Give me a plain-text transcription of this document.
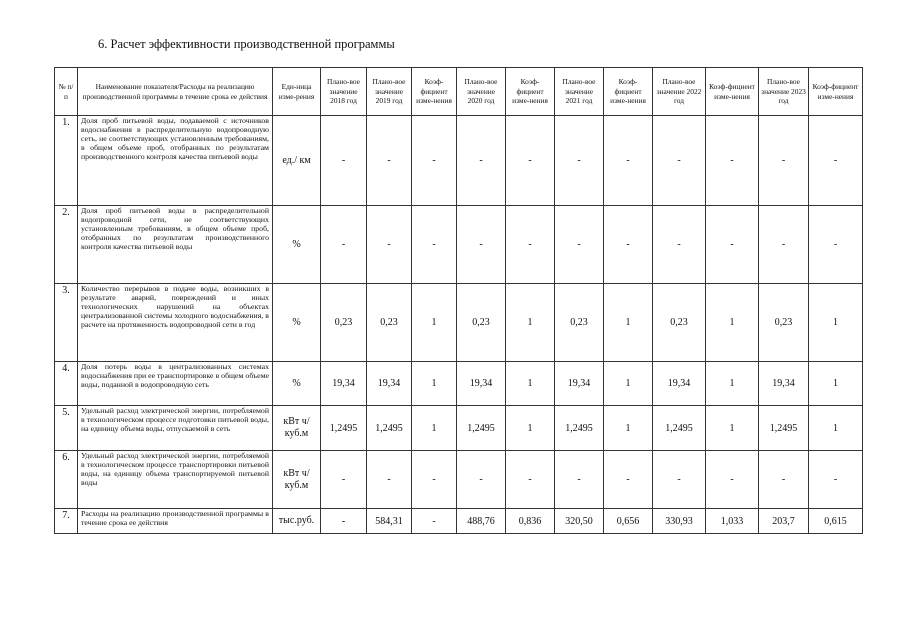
6. Расчет эффективности производственной программы
№ п/п	Наименование показателя/Расходы на реализацию производственной программы в течение срока ее действия	Еди-ница изме-рения	Плано-вое значение 2018 год	Плано-вое значение 2019 год	Коэф-фициент изме-нения	Плано-вое значение 2020 год	Коэф-фициент изме-нения	Плано-вое значение 2021 год	Коэф-фициент изме-нения	Плано-вое значение 2022 год	Коэф-фициент изме-нения	Плано-вое значение 2023 год	Коэф-фициент изме-нения
1.	Доля проб питьевой воды, подаваемой с источников водоснабжения в распределительную водопроводную сеть, не соответствующих установленным требованиям, в общем объеме проб, отобранных по результатам производственного контроля качества питьевой воды	ед./ км	-	-	-	-	-	-	-	-	-	-	-
2.	Доля проб питьевой воды в распределительной водопроводной сети, не соответствующих установленным требованиям, в общем объеме проб, отобранных по результатам производственного контроля качества питьевой воды	%	-	-	-	-	-	-	-	-	-	-	-
3.	Количество перерывов в подаче воды, возникших в результате аварий, повреждений и иных технологических нарушений на объектах централизованной системы холодного водоснабжения, в расчете на протяженность водопроводной сети в год	%	0,23	0,23	1	0,23	1	0,23	1	0,23	1	0,23	1
4.	Доля потерь воды в централизованных системах водоснабжения при ее транспортировке в общем объеме воды, поданной в водопроводную сеть	%	19,34	19,34	1	19,34	1	19,34	1	19,34	1	19,34	1
5.	Удельный расход электрической энергии, потребляемой в технологическом процессе подготовки питьевой воды, на единицу объема воды, отпускаемой в сеть	кВт ч/куб.м	1,2495	1,2495	1	1,2495	1	1,2495	1	1,2495	1	1,2495	1
6.	Удельный расход электрической энергии, потребляемой в технологическом процессе транспортировки питьевой воды, на единицу объема транспортируемой питьевой воды	кВт ч/куб.м	-	-	-	-	-	-	-	-	-	-	-
7.	Расходы на реализацию производственной программы в течение срока ее действия	тыс.руб.	-	584,31	-	488,76	0,836	320,50	0,656	330,93	1,033	203,7	0,615
